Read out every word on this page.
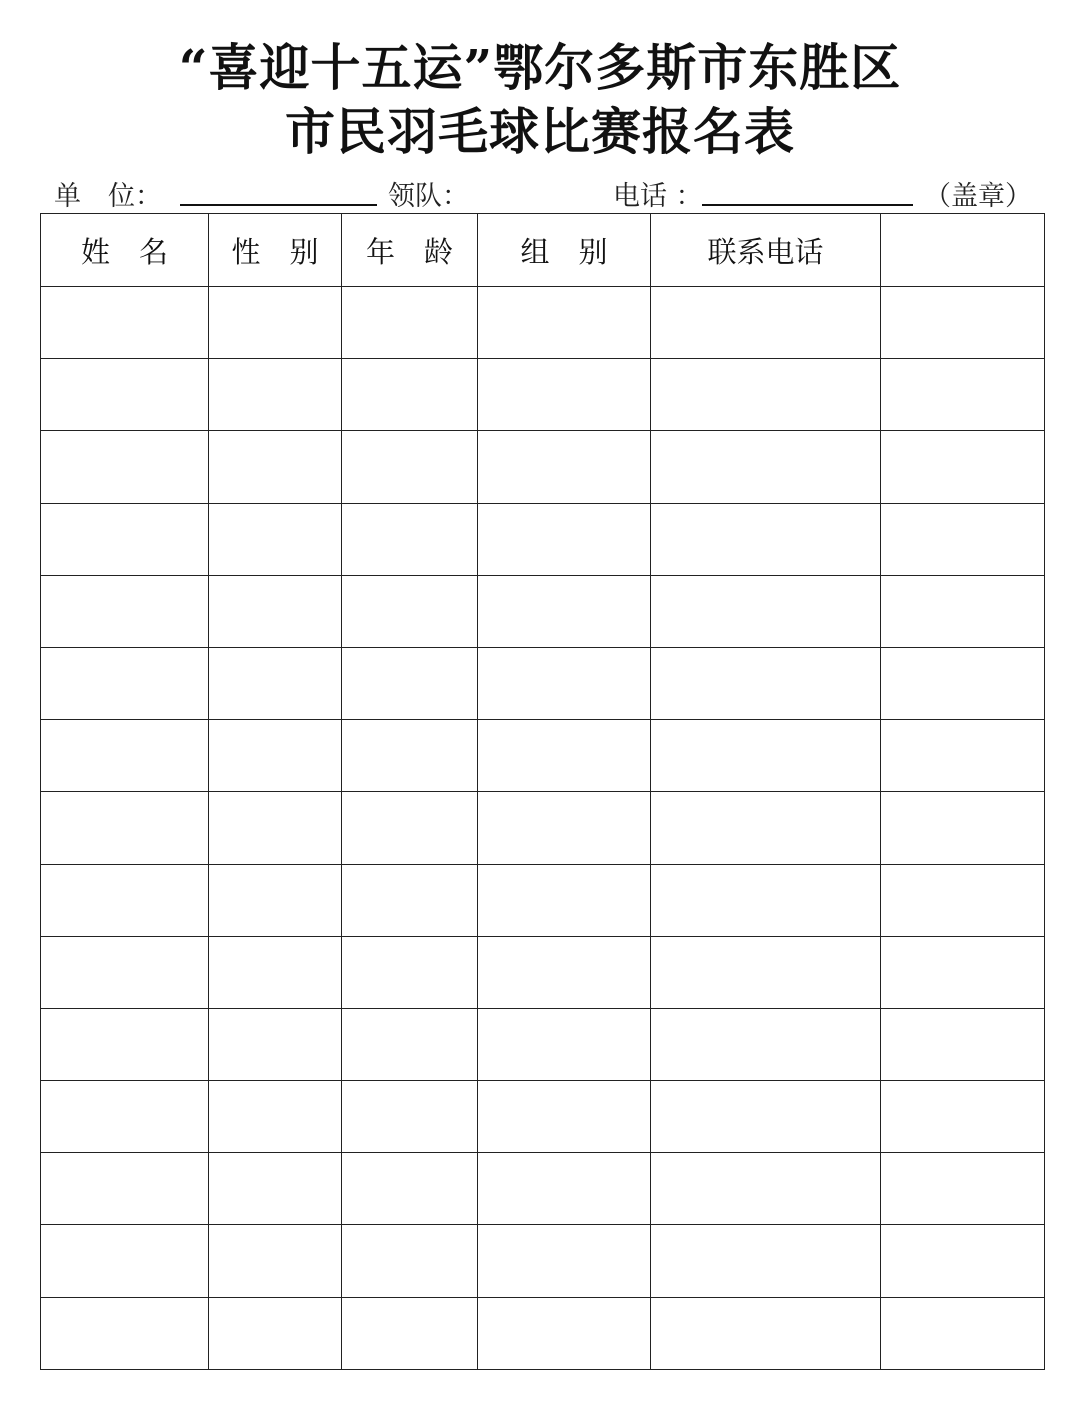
“喜迎十五运”鄂尔多斯市东胜区
市民羽毛球比赛报名表
单　位：	领队：	电话 ：	（盖章）
姓　名	性　别	年　龄	组　别	联系电话	
